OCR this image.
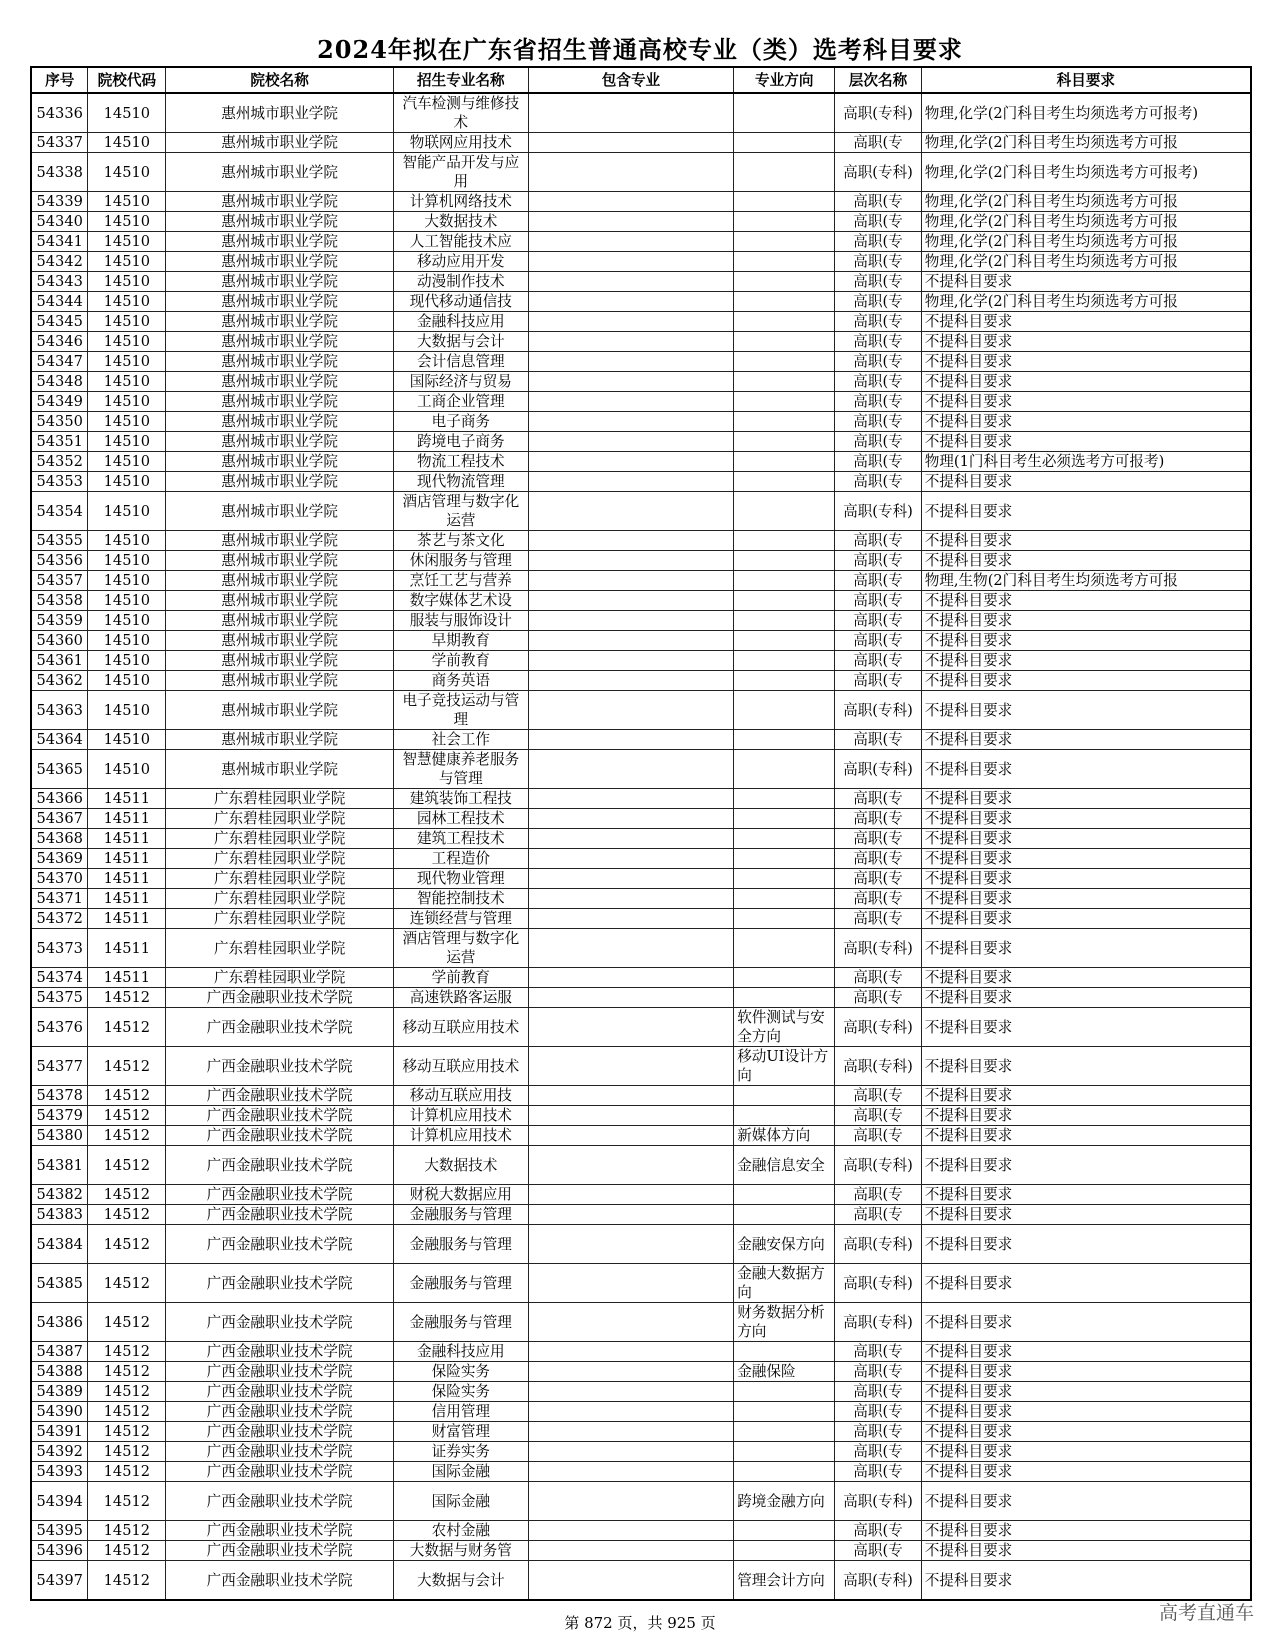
2024年拟在广东省招生普通高校专业（类）选考科目要求
序号	院校代码	院校名称	招生专业名称	包含专业	专业方向	层次名称	科目要求
54336	14510	惠州城市职业学院	汽车检测与维修技术			高职(专科)	物理,化学(2门科目考生均须选考方可报考)
54337	14510	惠州城市职业学院	物联网应用技术			高职(专	物理,化学(2门科目考生均须选考方可报
54338	14510	惠州城市职业学院	智能产品开发与应用			高职(专科)	物理,化学(2门科目考生均须选考方可报考)
54339	14510	惠州城市职业学院	计算机网络技术			高职(专	物理,化学(2门科目考生均须选考方可报
54340	14510	惠州城市职业学院	大数据技术			高职(专	物理,化学(2门科目考生均须选考方可报
54341	14510	惠州城市职业学院	人工智能技术应			高职(专	物理,化学(2门科目考生均须选考方可报
54342	14510	惠州城市职业学院	移动应用开发			高职(专	物理,化学(2门科目考生均须选考方可报
54343	14510	惠州城市职业学院	动漫制作技术			高职(专	不提科目要求
54344	14510	惠州城市职业学院	现代移动通信技			高职(专	物理,化学(2门科目考生均须选考方可报
54345	14510	惠州城市职业学院	金融科技应用			高职(专	不提科目要求
54346	14510	惠州城市职业学院	大数据与会计			高职(专	不提科目要求
54347	14510	惠州城市职业学院	会计信息管理			高职(专	不提科目要求
54348	14510	惠州城市职业学院	国际经济与贸易			高职(专	不提科目要求
54349	14510	惠州城市职业学院	工商企业管理			高职(专	不提科目要求
54350	14510	惠州城市职业学院	电子商务			高职(专	不提科目要求
54351	14510	惠州城市职业学院	跨境电子商务			高职(专	不提科目要求
54352	14510	惠州城市职业学院	物流工程技术			高职(专	物理(1门科目考生必须选考方可报考)
54353	14510	惠州城市职业学院	现代物流管理			高职(专	不提科目要求
54354	14510	惠州城市职业学院	酒店管理与数字化运营			高职(专科)	不提科目要求
54355	14510	惠州城市职业学院	茶艺与茶文化			高职(专	不提科目要求
54356	14510	惠州城市职业学院	休闲服务与管理			高职(专	不提科目要求
54357	14510	惠州城市职业学院	烹饪工艺与营养			高职(专	物理,生物(2门科目考生均须选考方可报
54358	14510	惠州城市职业学院	数字媒体艺术设			高职(专	不提科目要求
54359	14510	惠州城市职业学院	服装与服饰设计			高职(专	不提科目要求
54360	14510	惠州城市职业学院	早期教育			高职(专	不提科目要求
54361	14510	惠州城市职业学院	学前教育			高职(专	不提科目要求
54362	14510	惠州城市职业学院	商务英语			高职(专	不提科目要求
54363	14510	惠州城市职业学院	电子竞技运动与管理			高职(专科)	不提科目要求
54364	14510	惠州城市职业学院	社会工作			高职(专	不提科目要求
54365	14510	惠州城市职业学院	智慧健康养老服务与管理			高职(专科)	不提科目要求
54366	14511	广东碧桂园职业学院	建筑装饰工程技			高职(专	不提科目要求
54367	14511	广东碧桂园职业学院	园林工程技术			高职(专	不提科目要求
54368	14511	广东碧桂园职业学院	建筑工程技术			高职(专	不提科目要求
54369	14511	广东碧桂园职业学院	工程造价			高职(专	不提科目要求
54370	14511	广东碧桂园职业学院	现代物业管理			高职(专	不提科目要求
54371	14511	广东碧桂园职业学院	智能控制技术			高职(专	不提科目要求
54372	14511	广东碧桂园职业学院	连锁经营与管理			高职(专	不提科目要求
54373	14511	广东碧桂园职业学院	酒店管理与数字化运营			高职(专科)	不提科目要求
54374	14511	广东碧桂园职业学院	学前教育			高职(专	不提科目要求
54375	14512	广西金融职业技术学院	高速铁路客运服			高职(专	不提科目要求
54376	14512	广西金融职业技术学院	移动互联应用技术		软件测试与安全方向	高职(专科)	不提科目要求
54377	14512	广西金融职业技术学院	移动互联应用技术		移动UI设计方向	高职(专科)	不提科目要求
54378	14512	广西金融职业技术学院	移动互联应用技			高职(专	不提科目要求
54379	14512	广西金融职业技术学院	计算机应用技术			高职(专	不提科目要求
54380	14512	广西金融职业技术学院	计算机应用技术		新媒体方向	高职(专	不提科目要求
54381	14512	广西金融职业技术学院	大数据技术		金融信息安全	高职(专科)	不提科目要求
54382	14512	广西金融职业技术学院	财税大数据应用			高职(专	不提科目要求
54383	14512	广西金融职业技术学院	金融服务与管理			高职(专	不提科目要求
54384	14512	广西金融职业技术学院	金融服务与管理		金融安保方向	高职(专科)	不提科目要求
54385	14512	广西金融职业技术学院	金融服务与管理		金融大数据方向	高职(专科)	不提科目要求
54386	14512	广西金融职业技术学院	金融服务与管理		财务数据分析方向	高职(专科)	不提科目要求
54387	14512	广西金融职业技术学院	金融科技应用			高职(专	不提科目要求
54388	14512	广西金融职业技术学院	保险实务		金融保险	高职(专	不提科目要求
54389	14512	广西金融职业技术学院	保险实务			高职(专	不提科目要求
54390	14512	广西金融职业技术学院	信用管理			高职(专	不提科目要求
54391	14512	广西金融职业技术学院	财富管理			高职(专	不提科目要求
54392	14512	广西金融职业技术学院	证券实务			高职(专	不提科目要求
54393	14512	广西金融职业技术学院	国际金融			高职(专	不提科目要求
54394	14512	广西金融职业技术学院	国际金融		跨境金融方向	高职(专科)	不提科目要求
54395	14512	广西金融职业技术学院	农村金融			高职(专	不提科目要求
54396	14512	广西金融职业技术学院	大数据与财务管			高职(专	不提科目要求
54397	14512	广西金融职业技术学院	大数据与会计		管理会计方向	高职(专科)	不提科目要求
第 872 页，共 925 页	高考直通车
